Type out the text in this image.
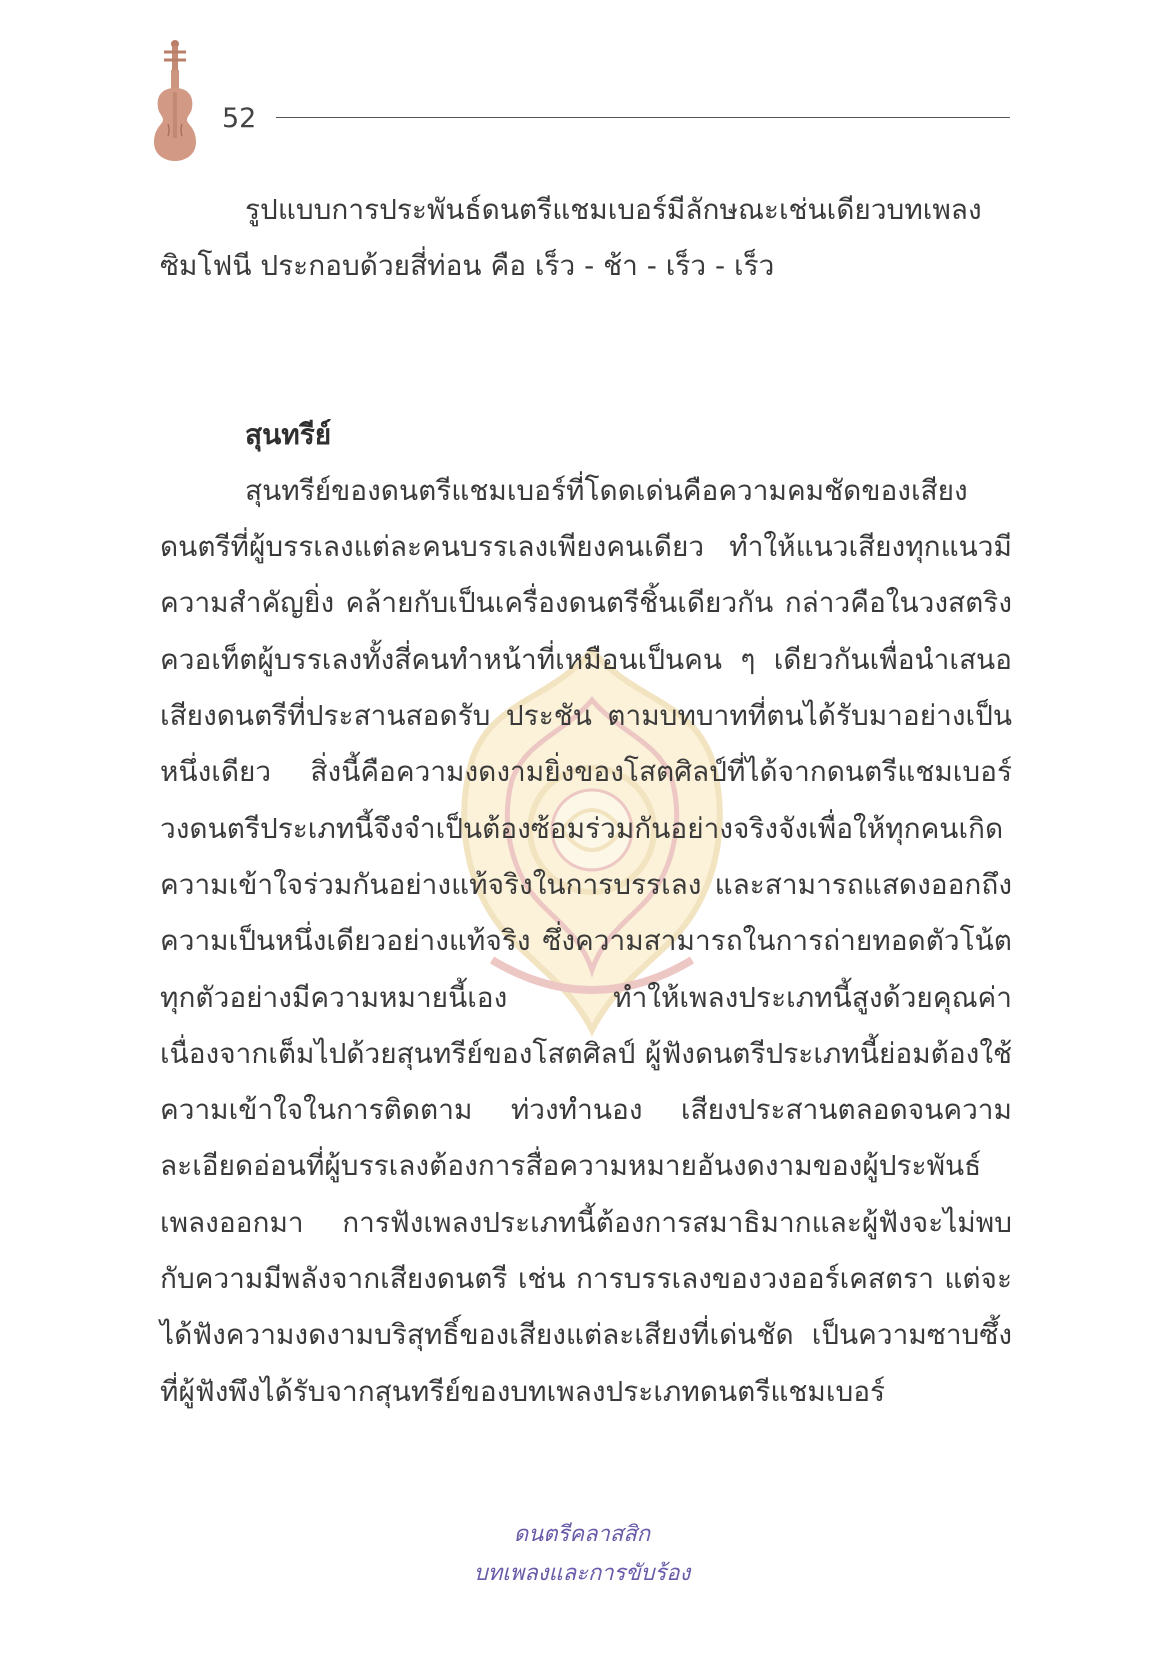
52

รูปแบบการประพันธ์ดนตรีแชมเบอร์มีลักษณะเช่นเดียวบทเพลงซิมโฟนี ประกอบด้วยสี่ท่อน คือ เร็ว - ช้า - เร็ว - เร็ว

สุนทรีย์

สุนทรีย์ของดนตรีแชมเบอร์ที่โดดเด่นคือความคมชัดของเสียงดนตรีที่ผู้บรรเลงแต่ละคนบรรเลงเพียงคนเดียว ทำให้แนวเสียงทุกแนวมีความสำคัญยิ่ง คล้ายกับเป็นเครื่องดนตรีชิ้นเดียวกัน กล่าวคือในวงสตริงควอเท็ตผู้บรรเลงทั้งสี่คนทำหน้าที่เหมือนเป็นคน ๆ เดียวกันเพื่อนำเสนอเสียงดนตรีที่ประสานสอดรับ ประชัน ตามบทบาทที่ตนได้รับมาอย่างเป็นหนึ่งเดียว สิ่งนี้คือความงดงามยิ่งของโสตศิลป์ที่ได้จากดนตรีแชมเบอร์ วงดนตรีประเภทนี้จึงจำเป็นต้องซ้อมร่วมกันอย่างจริงจังเพื่อให้ทุกคนเกิดความเข้าใจร่วมกันอย่างแท้จริงในการบรรเลง และสามารถแสดงออกถึงความเป็นหนึ่งเดียวอย่างแท้จริง ซึ่งความสามารถในการถ่ายทอดตัวโน้ตทุกตัวอย่างมีความหมายนี้เอง ทำให้เพลงประเภทนี้สูงด้วยคุณค่าเนื่องจากเต็มไปด้วยสุนทรีย์ของโสตศิลป์ ผู้ฟังดนตรีประเภทนี้ย่อมต้องใช้ความเข้าใจในการติดตาม ท่วงทำนอง เสียงประสานตลอดจนความละเอียดอ่อนที่ผู้บรรเลงต้องการสื่อความหมายอันงดงามของผู้ประพันธ์เพลงออกมา การฟังเพลงประเภทนี้ต้องการสมาธิมากและผู้ฟังจะไม่พบกับความมีพลังจากเสียงดนตรี เช่น การบรรเลงของวงออร์เคสตรา แต่จะได้ฟังความงดงามบริสุทธิ์ของเสียงแต่ละเสียงที่เด่นชัด เป็นความซาบซึ้งที่ผู้ฟังพึงได้รับจากสุนทรีย์ของบทเพลงประเภทดนตรีแชมเบอร์

ดนตรีคลาสสิก
บทเพลงและการขับร้อง
